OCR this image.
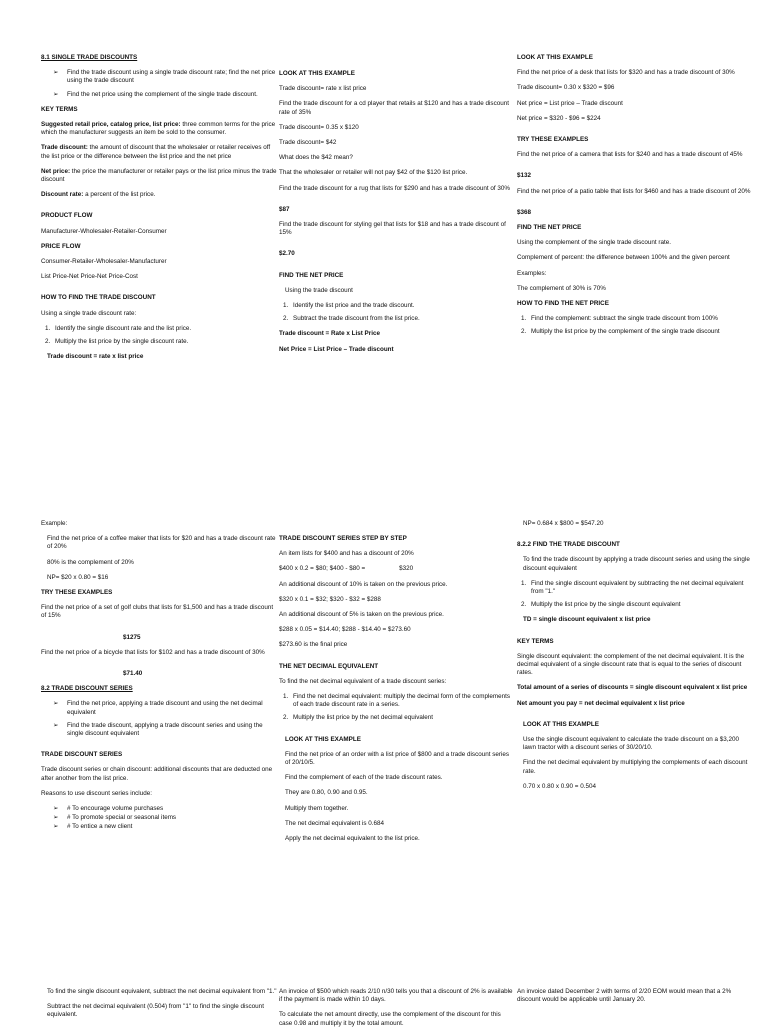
8.1 SINGLE TRADE DISCOUNTS

➢ Find the trade discount using a single trade discount rate; find the net price using the trade discount
➢ Find the net price using the complement of the single trade discount.

KEY TERMS

Suggested retail price, catalog price, list price: three common terms for the price which the manufacturer suggests an item be sold to the consumer.

Trade discount: the amount of discount that the wholesaler or retailer receives off the list price or the difference between the list price and the net price

Net price: the price the manufacturer or retailer pays or the list price minus the trade discount

Discount rate: a percent of the list price.

PRODUCT FLOW

Manufacturer-Wholesaler-Retailer-Consumer

PRICE FLOW

Consumer-Retailer-Wholesaler-Manufacturer

List Price-Net Price-Net Price-Cost

HOW TO FIND THE TRADE DISCOUNT

Using a single trade discount rate:

1. Identify the single discount rate and the list price.
2. Multiply the list price by the single discount rate.

Trade discount = rate x list price

LOOK AT THIS EXAMPLE

Trade discount= rate x list price

Find the trade discount for a cd player that retails at $120 and has a trade discount rate of 35%

Trade discount= 0.35 x $120

Trade discount= $42

What does the $42 mean?

That the wholesaler or retailer will not pay $42 of the $120 list price.

Find the trade discount for a rug that lists for $290 and has a trade discount of 30%

$87

Find the trade discount for styling gel that lists for $18 and has a trade discount of 15%

$2.70

FIND THE NET PRICE

Using the trade discount

1. Identify the list price and the trade discount.
2. Subtract the trade discount from the list price.

Trade discount = Rate x List Price

Net Price = List Price – Trade discount

LOOK AT THIS EXAMPLE

Find the net price of a desk that lists for $320 and has a trade discount of 30%

Trade discount= 0.30 x $320 = $96

Net price = List price – Trade discount

Net price = $320 - $96 = $224

TRY THESE EXAMPLES

Find the net price of a camera that lists for $240 and has a trade discount of 45%

$132

Find the net price of a patio table that lists for $460 and has a trade discount of 20%

$368

FIND THE NET PRICE

Using the complement of the single trade discount rate.

Complement of percent: the difference between 100% and the given percent

Examples:

The complement of 30% is 70%

HOW TO FIND THE NET PRICE

1. Find the complement: subtract the single trade discount from 100%
2. Multiply the list price by the complement of the single trade discount

Example:

Find the net price of a coffee maker that lists for $20 and has a trade discount rate of 20%

80% is the complement of 20%

NP= $20 x 0.80 = $16

TRY THESE EXAMPLES

Find the net price of a set of golf clubs that lists for $1,500 and has a trade discount of 15%

$1275

Find the net price of a bicycle that lists for $102 and has a trade discount of 30%

$71.40

8.2 TRADE DISCOUNT SERIES

➢ Find the net price, applying a trade discount and using the net decimal equivalent
➢ Find the trade discount, applying a trade discount series and using the single discount equivalent

TRADE DISCOUNT SERIES

Trade discount series or chain discount: additional discounts that are deducted one after another from the list price.

Reasons to use discount series include:

➢ # To encourage volume purchases
➢ # To promote special or seasonal items
➢ # To entice a new client

TRADE DISCOUNT SERIES STEP BY STEP

An item lists for $400 and has a discount of 20%

$400 x 0.2 = $80; $400 - $80 =	$320

An additional discount of 10% is taken on the previous price.

$320 x 0.1 = $32; $320 - $32 = $288

An additional discount of 5% is taken on the previous price.

$288 x 0.05 = $14.40; $288 - $14.40 = $273.60

$273.60 is the final price

THE NET DECIMAL EQUIVALENT

To find the net decimal equivalent of a trade discount series:

1. Find the net decimal equivalent: multiply the decimal form of the complements of each trade discount rate in a series.
2. Multiply the list price by the net decimal equivalent

LOOK AT THIS EXAMPLE

Find the net price of an order with a list price of $800 and a trade discount series of 20/10/5.

Find the complement of each of the trade discount rates.

They are 0.80, 0.90 and 0.95.

Multiply them together.

The net decimal equivalent is 0.684

Apply the net decimal equivalent to the list price.

NP= 0.684 x $800 = $547.20

8.2.2 FIND THE TRADE DISCOUNT

To find the trade discount by applying a trade discount series and using the single discount equivalent

1. Find the single discount equivalent by subtracting the net decimal equivalent from "1."
2. Multiply the list price by the single discount equivalent

TD = single discount equivalent x list price

KEY TERMS

Single discount equivalent: the complement of the net decimal equivalent. It is the decimal equivalent of a single discount rate that is equal to the series of discount rates.

Total amount of a series of discounts = single discount equivalent x list price

Net amount you pay = net decimal equivalent x list price

LOOK AT THIS EXAMPLE

Use the single discount equivalent to calculate the trade discount on a $3,200 lawn tractor with a discount series of 30/20/10.

Find the net decimal equivalent by multiplying the complements of each discount rate.

0.70 x 0.80 x 0.90 = 0.504

To find the single discount equivalent, subtract the net decimal equivalent from "1."

Subtract the net decimal equivalent (0.504) from "1" to find the single discount equivalent.

An invoice of $500 which reads 2/10 n/30 tells you that a discount of 2% is available if the payment is made within 10 days.

To calculate the net amount directly, use the complement of the discount for this case 0.98 and multiply it by the total amount.

An invoice dated December 2 with terms of 2/20 EOM would mean that a 2% discount would be applicable until January 20.
